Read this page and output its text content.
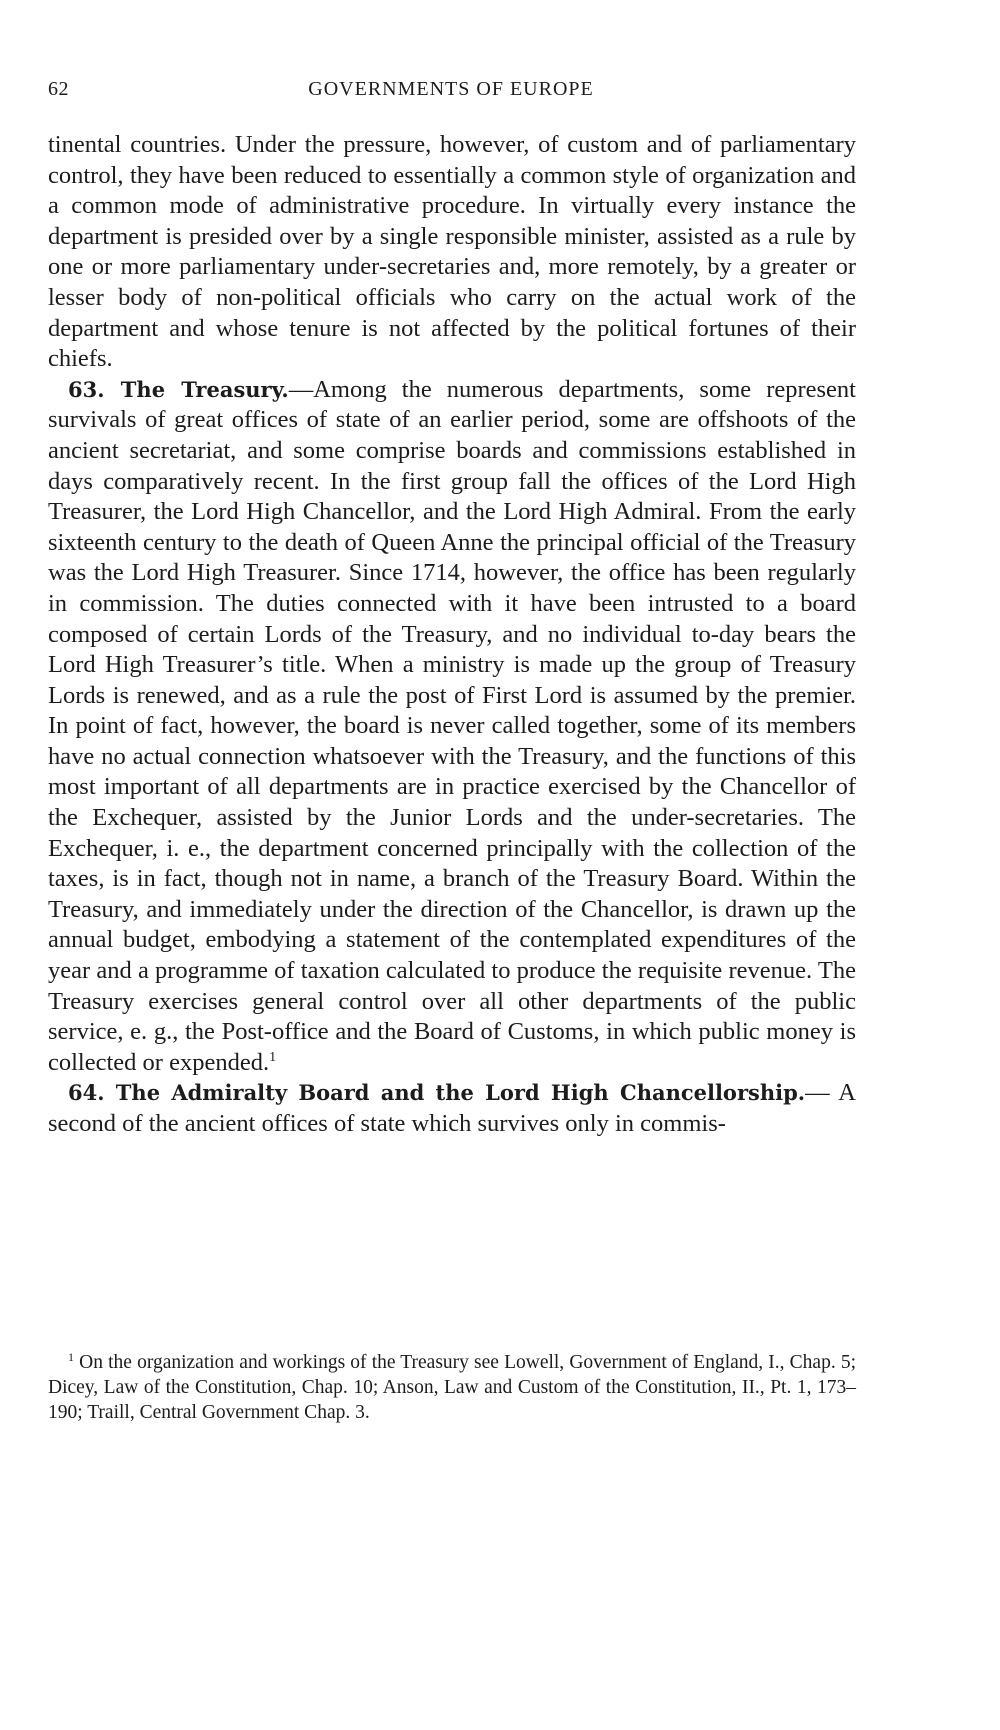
62	GOVERNMENTS OF EUROPE

tinental countries. Under the pressure, however, of custom and of parliamentary control, they have been reduced to essentially a common style of organization and a common mode of administrative procedure. In virtually every instance the department is presided over by a single responsible minister, assisted as a rule by one or more parliamentary under-secretaries and, more remotely, by a greater or lesser body of non-political officials who carry on the actual work of the department and whose tenure is not affected by the political fortunes of their chiefs.

63. The Treasury.—Among the numerous departments, some represent survivals of great offices of state of an earlier period, some are offshoots of the ancient secretariat, and some comprise boards and commissions established in days comparatively recent. In the first group fall the offices of the Lord High Treasurer, the Lord High Chancellor, and the Lord High Admiral. From the early sixteenth century to the death of Queen Anne the principal official of the Treasury was the Lord High Treasurer. Since 1714, however, the office has been regularly in commission. The duties connected with it have been intrusted to a board composed of certain Lords of the Treasury, and no individual to-day bears the Lord High Treasurer’s title. When a ministry is made up the group of Treasury Lords is renewed, and as a rule the post of First Lord is assumed by the premier. In point of fact, however, the board is never called together, some of its members have no actual connection whatsoever with the Treasury, and the functions of this most important of all departments are in practice exercised by the Chancellor of the Exchequer, assisted by the Junior Lords and the under-secretaries. The Exchequer, i. e., the department concerned principally with the collection of the taxes, is in fact, though not in name, a branch of the Treasury Board. Within the Treasury, and immediately under the direction of the Chancellor, is drawn up the annual budget, embodying a statement of the contemplated expenditures of the year and a programme of taxation calculated to produce the requisite revenue. The Treasury exercises general control over all other departments of the public service, e. g., the Post-office and the Board of Customs, in which public money is collected or expended.$^1$

64. The Admiralty Board and the Lord High Chancellorship.— A second of the ancient offices of state which survives only in commis-

$^1$ On the organization and workings of the Treasury see Lowell, Government of England, I., Chap. 5; Dicey, Law of the Constitution, Chap. 10; Anson, Law and Custom of the Constitution, II., Pt. 1, 173–190; Traill, Central Government Chap. 3.
